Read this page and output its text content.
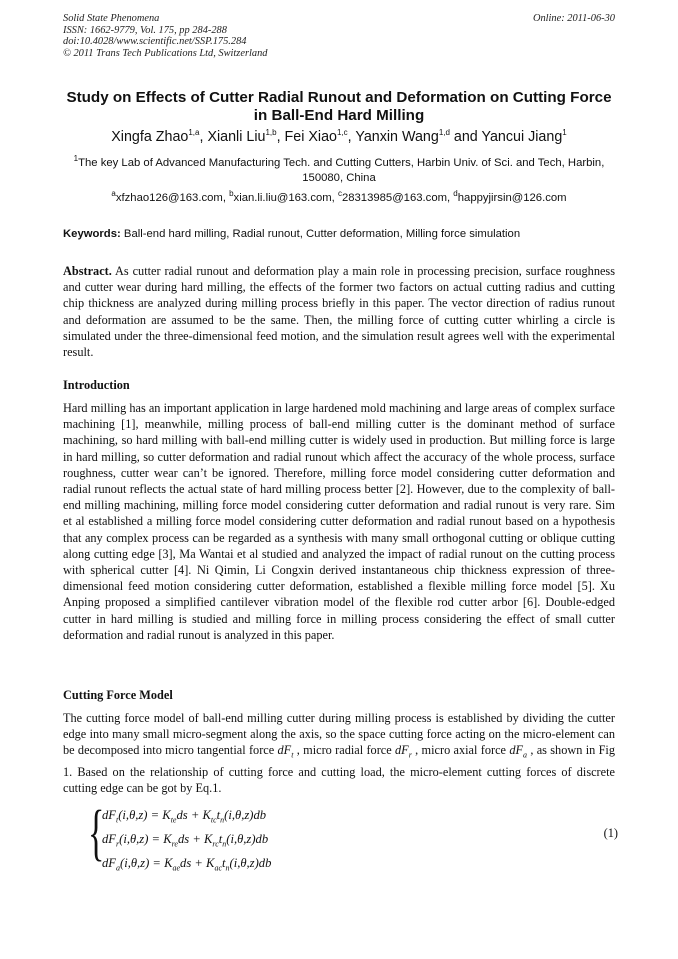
Solid State Phenomena
ISSN: 1662-9779, Vol. 175, pp 284-288
doi:10.4028/www.scientific.net/SSP.175.284
© 2011 Trans Tech Publications Ltd, Switzerland
Online: 2011-06-30
Study on Effects of Cutter Radial Runout and Deformation on Cutting Force in Ball-End Hard Milling
Xingfa Zhao$^{1,a}$, Xianli Liu$^{1,b}$, Fei Xiao$^{1,c}$, Yanxin Wang$^{1,d}$ and Yancui Jiang$^1$
$^1$The key Lab of Advanced Manufacturing Tech. and Cutting Cutters, Harbin Univ. of Sci. and Tech, Harbin, 150080, China
$^a$xfzhao126@163.com, $^b$xian.li.liu@163.com, $^c$28313985@163.com, $^d$happyjirsin@126.com
Keywords: Ball-end hard milling, Radial runout, Cutter deformation, Milling force simulation
Abstract. As cutter radial runout and deformation play a main role in processing precision, surface roughness and cutter wear during hard milling, the effects of the former two factors on actual cutting radius and cutting chip thickness are analyzed during milling process briefly in this paper. The vector direction of radius runout and deformation are assumed to be the same. Then, the milling force of cutting cutter whirling a circle is simulated under the three-dimensional feed motion, and the simulation result agrees well with the experimental result.
Introduction
Hard milling has an important application in large hardened mold machining and large areas of complex surface machining [1], meanwhile, milling process of ball-end milling cutter is the dominant method of surface machining, so hard milling with ball-end milling cutter is widely used in production. But milling force is large in hard milling, so cutter deformation and radial runout which affect the accuracy of the whole process, surface roughness, cutter wear can’t be ignored. Therefore, milling force model considering cutter deformation and radial runout reflects the actual state of hard milling process better [2]. However, due to the complexity of ball-end milling machining, milling force model considering cutter deformation and radial runout is very rare. Sim et al established a milling force model considering cutter deformation and radial runout based on a hypothesis that any complex process can be regarded as a synthesis with many small orthogonal cutting or oblique cutting along cutting edge [3], Ma Wantai et al studied and analyzed the impact of radial runout on the cutting process with spherical cutter [4]. Ni Qimin, Li Congxin derived instantaneous chip thickness expression of three-dimensional feed motion considering cutter deformation, established a flexible milling force model [5]. Xu Anping proposed a simplified cantilever vibration model of the flexible rod cutter arbor [6]. Double-edged cutter in hard milling is studied and milling force in milling process considering the effect of small cutter deformation and radial runout is analyzed in this paper.
Cutting Force Model
The cutting force model of ball-end milling cutter during milling process is established by dividing the cutter edge into many small micro-segment along the axis, so the space cutting force acting on the micro-element can be decomposed into micro tangential force $dF_t$ , micro radial force $dF_r$ , micro axial force $dF_a$ , as shown in Fig 1. Based on the relationship of cutting force and cutting load, the micro-element cutting forces of discrete cutting edge can be got by Eq.1.
{
$dF_t(i,\theta,z) = K_{te}ds + K_{tc}t_n(i,\theta,z)db$
$dF_r(i,\theta,z) = K_{re}ds + K_{rc}t_n(i,\theta,z)db$
$dF_a(i,\theta,z) = K_{ae}ds + K_{ac}t_n(i,\theta,z)db$
(1)
